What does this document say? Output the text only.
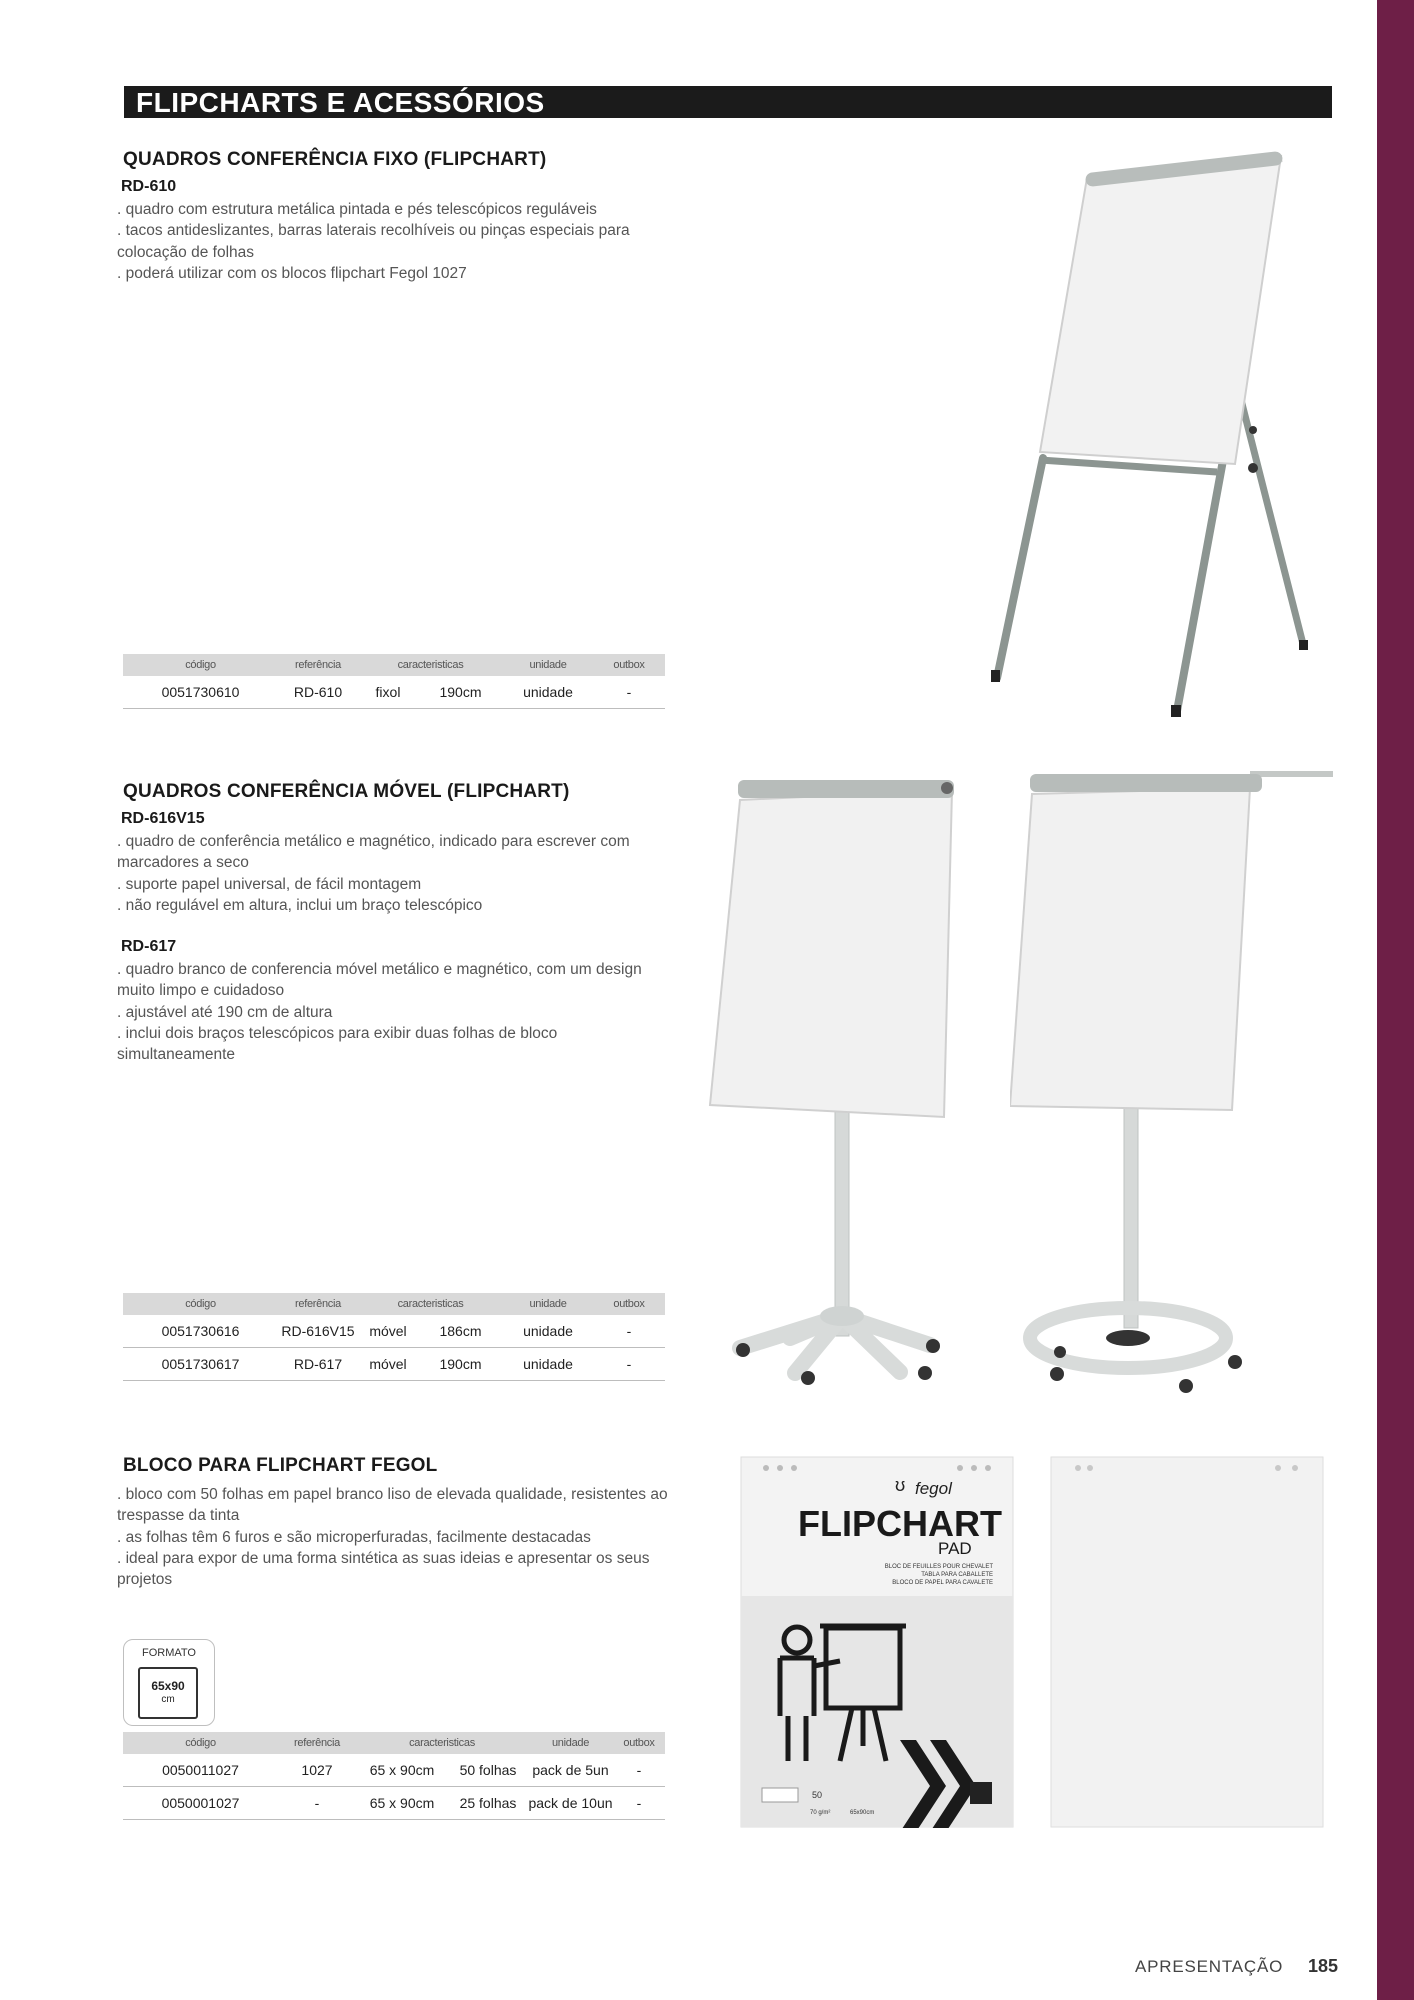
FLIPCHARTS E ACESSÓRIOS
QUADROS CONFERÊNCIA FIXO (FLIPCHART)
RD-610
. quadro com estrutura metálica pintada e pés telescópicos reguláveis
. tacos antideslizantes, barras laterais recolhíveis ou pinças especiais para colocação de folhas
. poderá utilizar com os blocos flipchart Fegol 1027
código	referência	caracteristicas		unidade	outbox
0051730610	RD-610	fixol	190cm	unidade	-
QUADROS CONFERÊNCIA MÓVEL (FLIPCHART)
RD-616V15
. quadro de conferência metálico e magnético, indicado para escrever com marcadores a seco
. suporte papel universal, de fácil montagem
. não regulável em altura, inclui um braço telescópico
RD-617
. quadro branco de conferencia móvel metálico e magnético, com um design muito limpo e cuidadoso
. ajustável até 190 cm de altura
. inclui dois braços telescópicos para exibir duas folhas de bloco simultaneamente
código	referência	caracteristicas		unidade	outbox
0051730616	RD-616V15	móvel	186cm	unidade	-
0051730617	RD-617	móvel	190cm	unidade	-
BLOCO PARA FLIPCHART FEGOL
. bloco com 50 folhas em papel branco liso de elevada qualidade, resistentes ao trespasse da tinta
. as folhas têm 6 furos e são microperfuradas, facilmente destacadas
. ideal para expor de uma forma sintética as suas ideias e apresentar os seus projetos
FORMATO
65x90
cm
código	referência	caracteristicas		unidade	outbox
0050011027	1027	65 x 90cm	50 folhas	pack de 5un	-
0050001027	-	65 x 90cm	25 folhas	pack de 10un	-
fegol
ʊ
FLIPCHART
PAD
BLOC DE FEUILLES POUR CHEVALET
TABLA PARA CABALLETE
BLOCO DE PAPEL PARA CAVALETE
50
70 g/m²	65x90cm
APRESENTAÇÃO 185
